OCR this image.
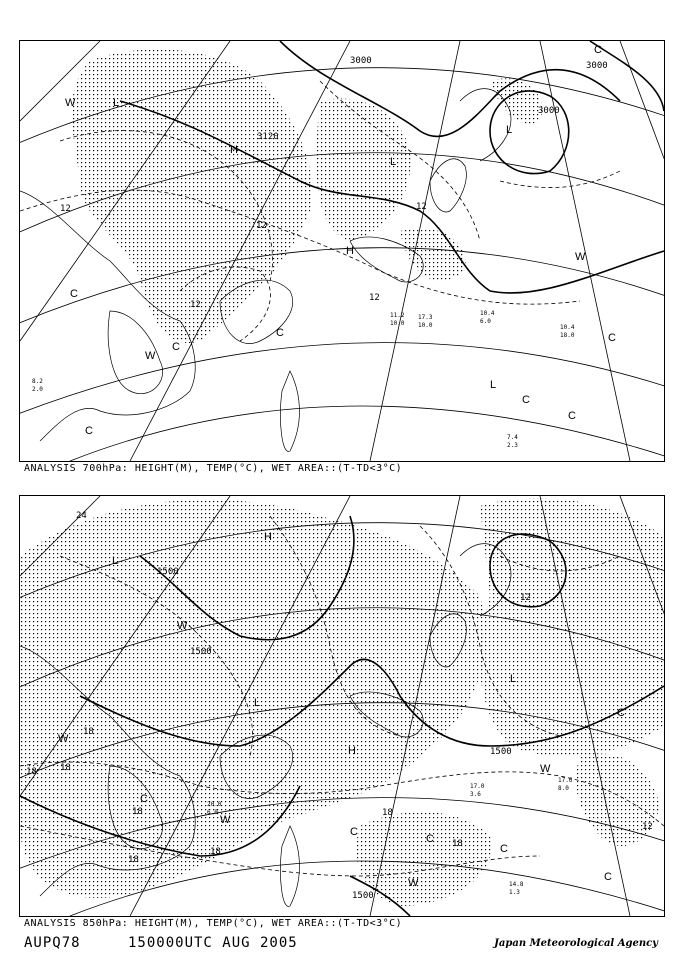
3000
3120
3000
3000
12
12
12
12
12
W	L
L
H
L
H
C
W
C
C
W
C
L
C
C
C
C
10.4
6.0
7.4
2.3
10.4
18.0
11.2
10.0
17.3
10.0
8.2
2.0
ANALYSIS 700hPa: HEIGHT(M), TEMP(°C), WET AREA::(T-TD<3°C)
1500
1500
1500
1500
24
18
12
18	18
18
18
18
18
18
12
H
L
L
L
W
W
C
W
H
W
C
C
W
C
C
C
17.6
8.0
17.0
3.6
20.0
6.0
14.8
1.3
ANALYSIS 850hPa: HEIGHT(M), TEMP(°C), WET AREA::(T-TD<3°C)
AUPQ78	150000UTC AUG 2005	Japan Meteorological Agency
